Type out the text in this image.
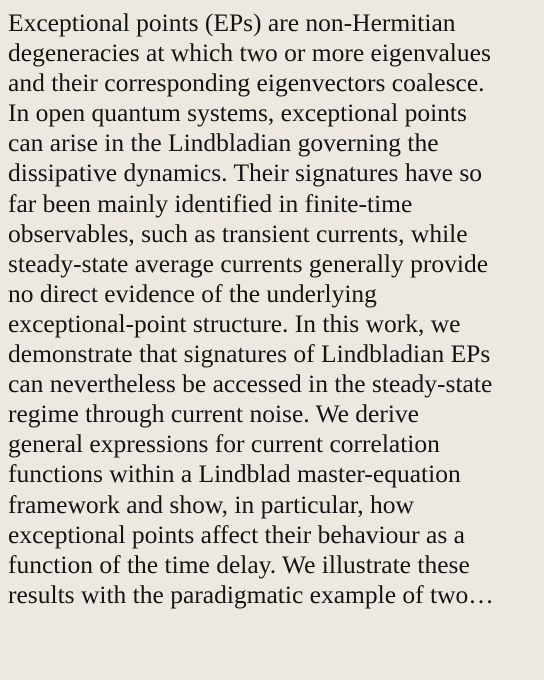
Exceptional points (EPs) are non-Hermitian
degeneracies at which two or more eigenvalues
and their corresponding eigenvectors coalesce.
In open quantum systems, exceptional points
can arise in the Lindbladian governing the
dissipative dynamics. Their signatures have so
far been mainly identified in finite-time
observables, such as transient currents, while
steady-state average currents generally provide
no direct evidence of the underlying
exceptional-point structure. In this work, we
demonstrate that signatures of Lindbladian EPs
can nevertheless be accessed in the steady-state
regime through current noise. We derive
general expressions for current correlation
functions within a Lindblad master-equation
framework and show, in particular, how
exceptional points affect their behaviour as a
function of the time delay. We illustrate these
results with the paradigmatic example of two…
